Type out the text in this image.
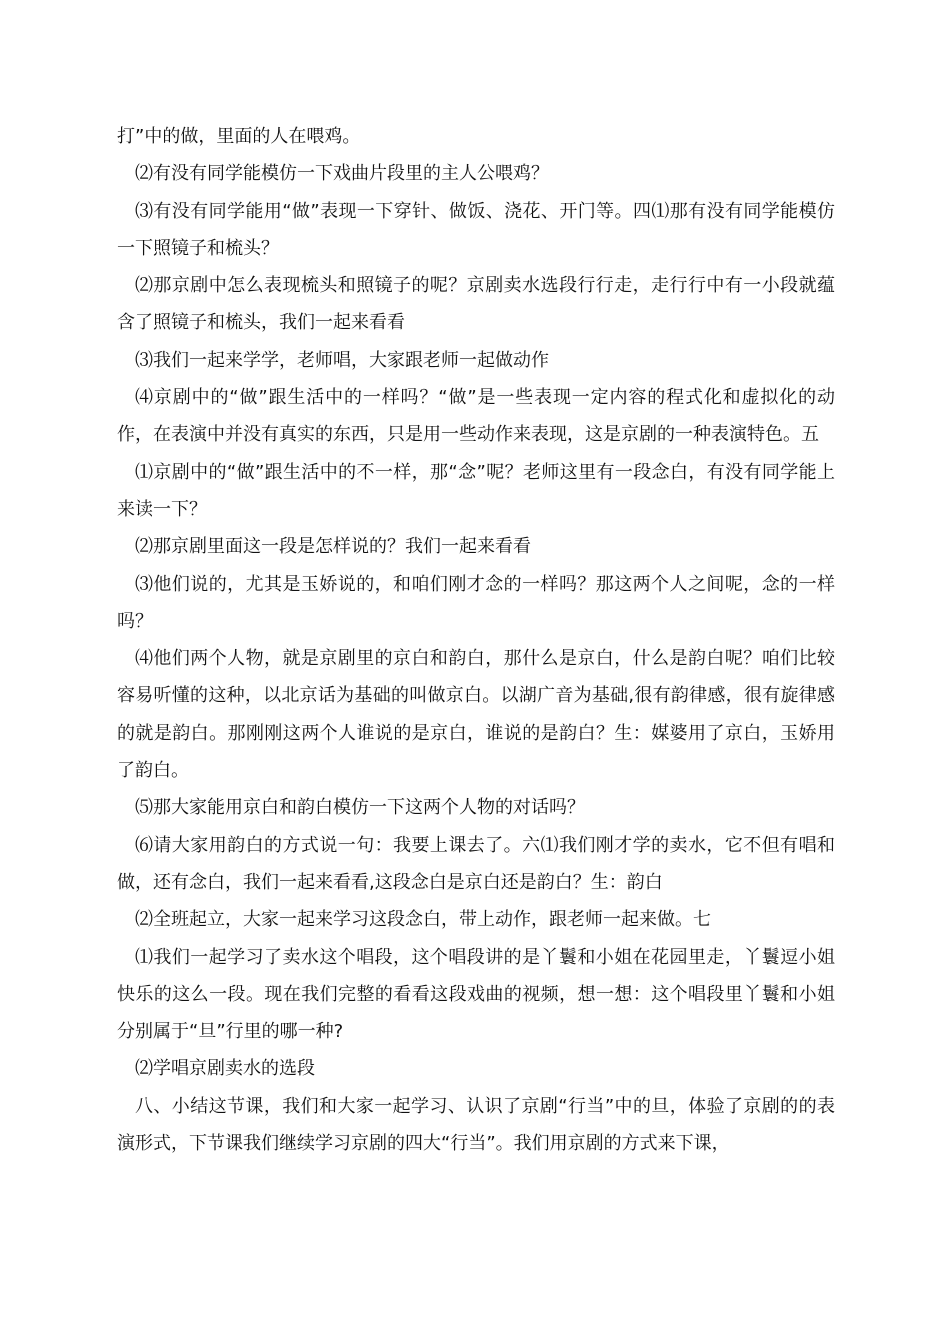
打”中的做，里面的人在喂鸡。

⑵有没有同学能模仿一下戏曲片段里的主人公喂鸡？

⑶有没有同学能用“做”表现一下穿针、做饭、浇花、开门等。四⑴那有没有同学能模仿一下照镜子和梳头？

⑵那京剧中怎么表现梳头和照镜子的呢？京剧卖水选段行行走，走行行中有一小段就蕴含了照镜子和梳头，我们一起来看看

⑶我们一起来学学，老师唱，大家跟老师一起做动作

⑷京剧中的“做”跟生活中的一样吗？“做”是一些表现一定内容的程式化和虚拟化的动作，在表演中并没有真实的东西，只是用一些动作来表现，这是京剧的一种表演特色。五

⑴京剧中的“做”跟生活中的不一样，那“念”呢？老师这里有一段念白，有没有同学能上来读一下？

⑵那京剧里面这一段是怎样说的？我们一起来看看

⑶他们说的，尤其是玉娇说的，和咱们刚才念的一样吗？那这两个人之间呢，念的一样吗？

⑷他们两个人物，就是京剧里的京白和韵白，那什么是京白，什么是韵白呢？咱们比较容易听懂的这种，以北京话为基础的叫做京白。以湖广音为基础,很有韵律感，很有旋律感的就是韵白。那刚刚这两个人谁说的是京白，谁说的是韵白？生：媒婆用了京白，玉娇用了韵白。

⑸那大家能用京白和韵白模仿一下这两个人物的对话吗？

⑹请大家用韵白的方式说一句：我要上课去了。六⑴我们刚才学的卖水，它不但有唱和做，还有念白，我们一起来看看,这段念白是京白还是韵白？生：韵白

⑵全班起立，大家一起来学习这段念白，带上动作，跟老师一起来做。七

⑴我们一起学习了卖水这个唱段，这个唱段讲的是丫鬟和小姐在花园里走，丫鬟逗小姐快乐的这么一段。现在我们完整的看看这段戏曲的视频，想一想：这个唱段里丫鬟和小姐分别属于“旦”行里的哪一种?

⑵学唱京剧卖水的选段

八、小结这节课，我们和大家一起学习、认识了京剧“行当”中的旦，体验了京剧的的表演形式，下节课我们继续学习京剧的四大“行当”。我们用京剧的方式来下课，
